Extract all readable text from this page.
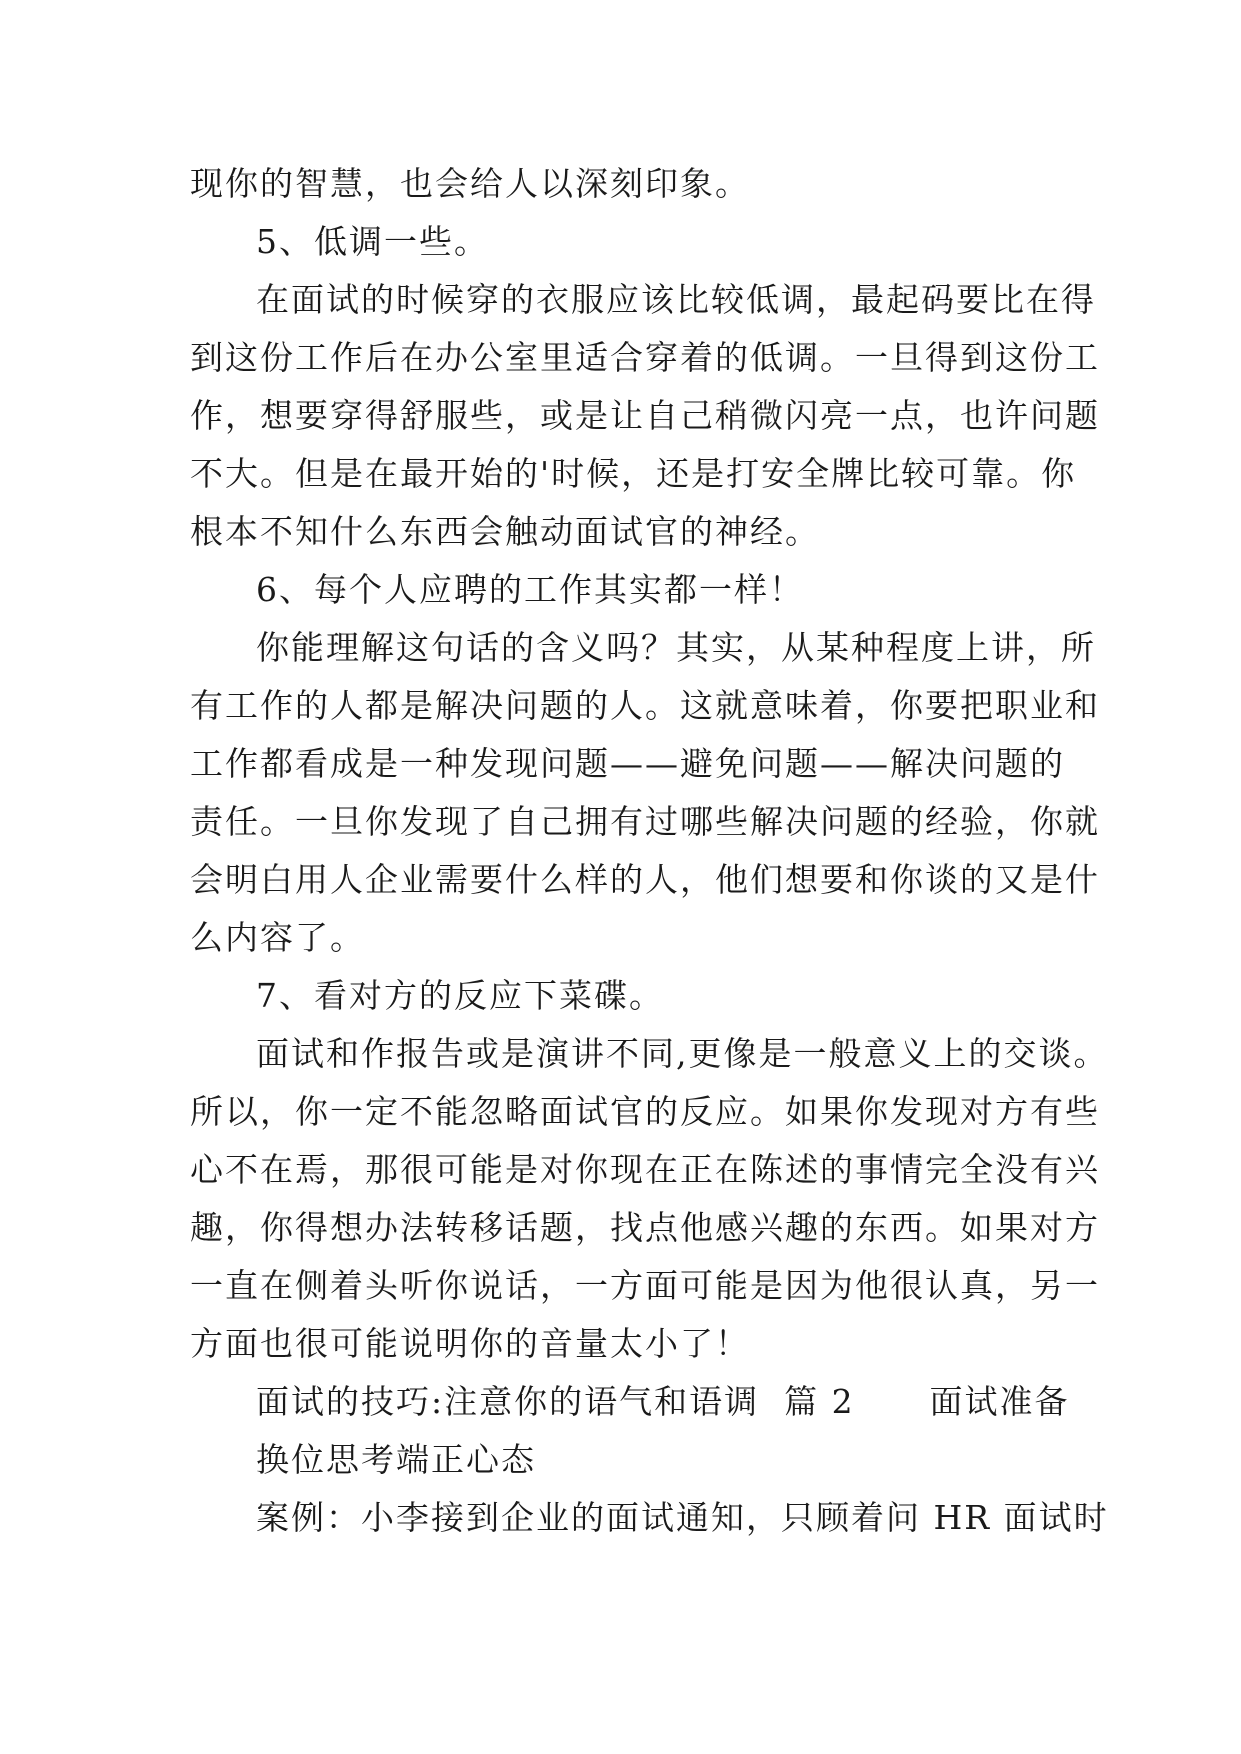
现你的智慧，也会给人以深刻印象。
5、低调一些。
在面试的时候穿的衣服应该比较低调，最起码要比在得
到这份工作后在办公室里适合穿着的低调。一旦得到这份工
作，想要穿得舒服些，或是让自己稍微闪亮一点，也许问题
不大。但是在最开始的'时候，还是打安全牌比较可靠。你
根本不知什么东西会触动面试官的神经。
6、每个人应聘的工作其实都一样！
你能理解这句话的含义吗？其实，从某种程度上讲，所
有工作的人都是解决问题的人。这就意味着，你要把职业和
工作都看成是一种发现问题——避免问题——解决问题的
责任。一旦你发现了自己拥有过哪些解决问题的经验，你就
会明白用人企业需要什么样的人，他们想要和你谈的又是什
么内容了。
7、看对方的反应下菜碟。
面试和作报告或是演讲不同,更像是一般意义上的交谈。
所以，你一定不能忽略面试官的反应。如果你发现对方有些
心不在焉，那很可能是对你现在正在陈述的事情完全没有兴
趣，你得想办法转移话题，找点他感兴趣的东西。如果对方
一直在侧着头听你说话，一方面可能是因为他很认真，另一
方面也很可能说明你的音量太小了！
面试的技巧:注意你的语气和语调  篇 2      面试准备
换位思考端正心态
案例：小李接到企业的面试通知，只顾着问 HR 面试时
